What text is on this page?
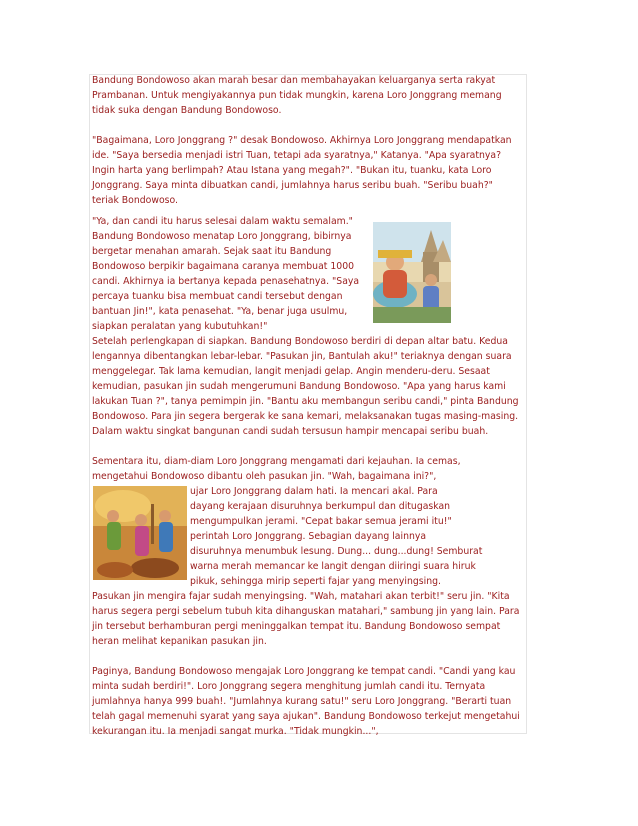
Bandung Bondowoso akan marah besar dan membahayakan keluarganya serta rakyat
Prambanan. Untuk mengiyakannya pun tidak mungkin, karena Loro Jonggrang memang
tidak suka dengan Bandung Bondowoso.

"Bagaimana, Loro Jonggrang ?" desak Bondowoso. Akhirnya Loro Jonggrang mendapatkan
ide. "Saya bersedia menjadi istri Tuan, tetapi ada syaratnya," Katanya. "Apa syaratnya?
Ingin harta yang berlimpah? Atau Istana yang megah?". "Bukan itu, tuanku, kata Loro
Jonggrang. Saya minta dibuatkan candi, jumlahnya harus seribu buah. "Seribu buah?"
teriak Bondowoso.

"Ya, dan candi itu harus selesai dalam waktu semalam."
Bandung Bondowoso menatap Loro Jonggrang, bibirnya
bergetar menahan amarah. Sejak saat itu Bandung
Bondowoso berpikir bagaimana caranya membuat 1000
candi. Akhirnya ia bertanya kepada penasehatnya. "Saya
percaya tuanku bisa membuat candi tersebut dengan
bantuan Jin!", kata penasehat. "Ya, benar juga usulmu,
siapkan peralatan yang kubutuhkan!"
Setelah perlengkapan di siapkan. Bandung Bondowoso berdiri di depan altar batu. Kedua
lengannya dibentangkan lebar-lebar. "Pasukan jin, Bantulah aku!" teriaknya dengan suara
menggelegar. Tak lama kemudian, langit menjadi gelap. Angin menderu-deru. Sesaat
kemudian, pasukan jin sudah mengerumuni Bandung Bondowoso. "Apa yang harus kami
lakukan Tuan ?", tanya pemimpin jin. "Bantu aku membangun seribu candi," pinta Bandung
Bondowoso. Para jin segera bergerak ke sana kemari, melaksanakan tugas masing-masing.
Dalam waktu singkat bangunan candi sudah tersusun hampir mencapai seribu buah.

Sementara itu, diam-diam Loro Jonggrang mengamati dari kejauhan. Ia cemas,
mengetahui Bondowoso dibantu oleh pasukan jin. "Wah, bagaimana ini?",
ujar Loro Jonggrang dalam hati. Ia mencari akal. Para
dayang kerajaan disuruhnya berkumpul dan ditugaskan
mengumpulkan jerami. "Cepat bakar semua jerami itu!"
perintah Loro Jonggrang. Sebagian dayang lainnya
disuruhnya menumbuk lesung. Dung... dung...dung! Semburat
warna merah memancar ke langit dengan diiringi suara hiruk
pikuk, sehingga mirip seperti fajar yang menyingsing.
Pasukan jin mengira fajar sudah menyingsing. "Wah, matahari akan terbit!" seru jin. "Kita
harus segera pergi sebelum tubuh kita dihanguskan matahari," sambung jin yang lain. Para
jin tersebut berhamburan pergi meninggalkan tempat itu. Bandung Bondowoso sempat
heran melihat kepanikan pasukan jin.

Paginya, Bandung Bondowoso mengajak Loro Jonggrang ke tempat candi. "Candi yang kau
minta sudah berdiri!". Loro Jonggrang segera menghitung jumlah candi itu. Ternyata
jumlahnya hanya 999 buah!. "Jumlahnya kurang satu!" seru Loro Jonggrang. "Berarti tuan
telah gagal memenuhi syarat yang saya ajukan". Bandung Bondowoso terkejut mengetahui
kekurangan itu. Ia menjadi sangat murka. "Tidak mungkin...",
